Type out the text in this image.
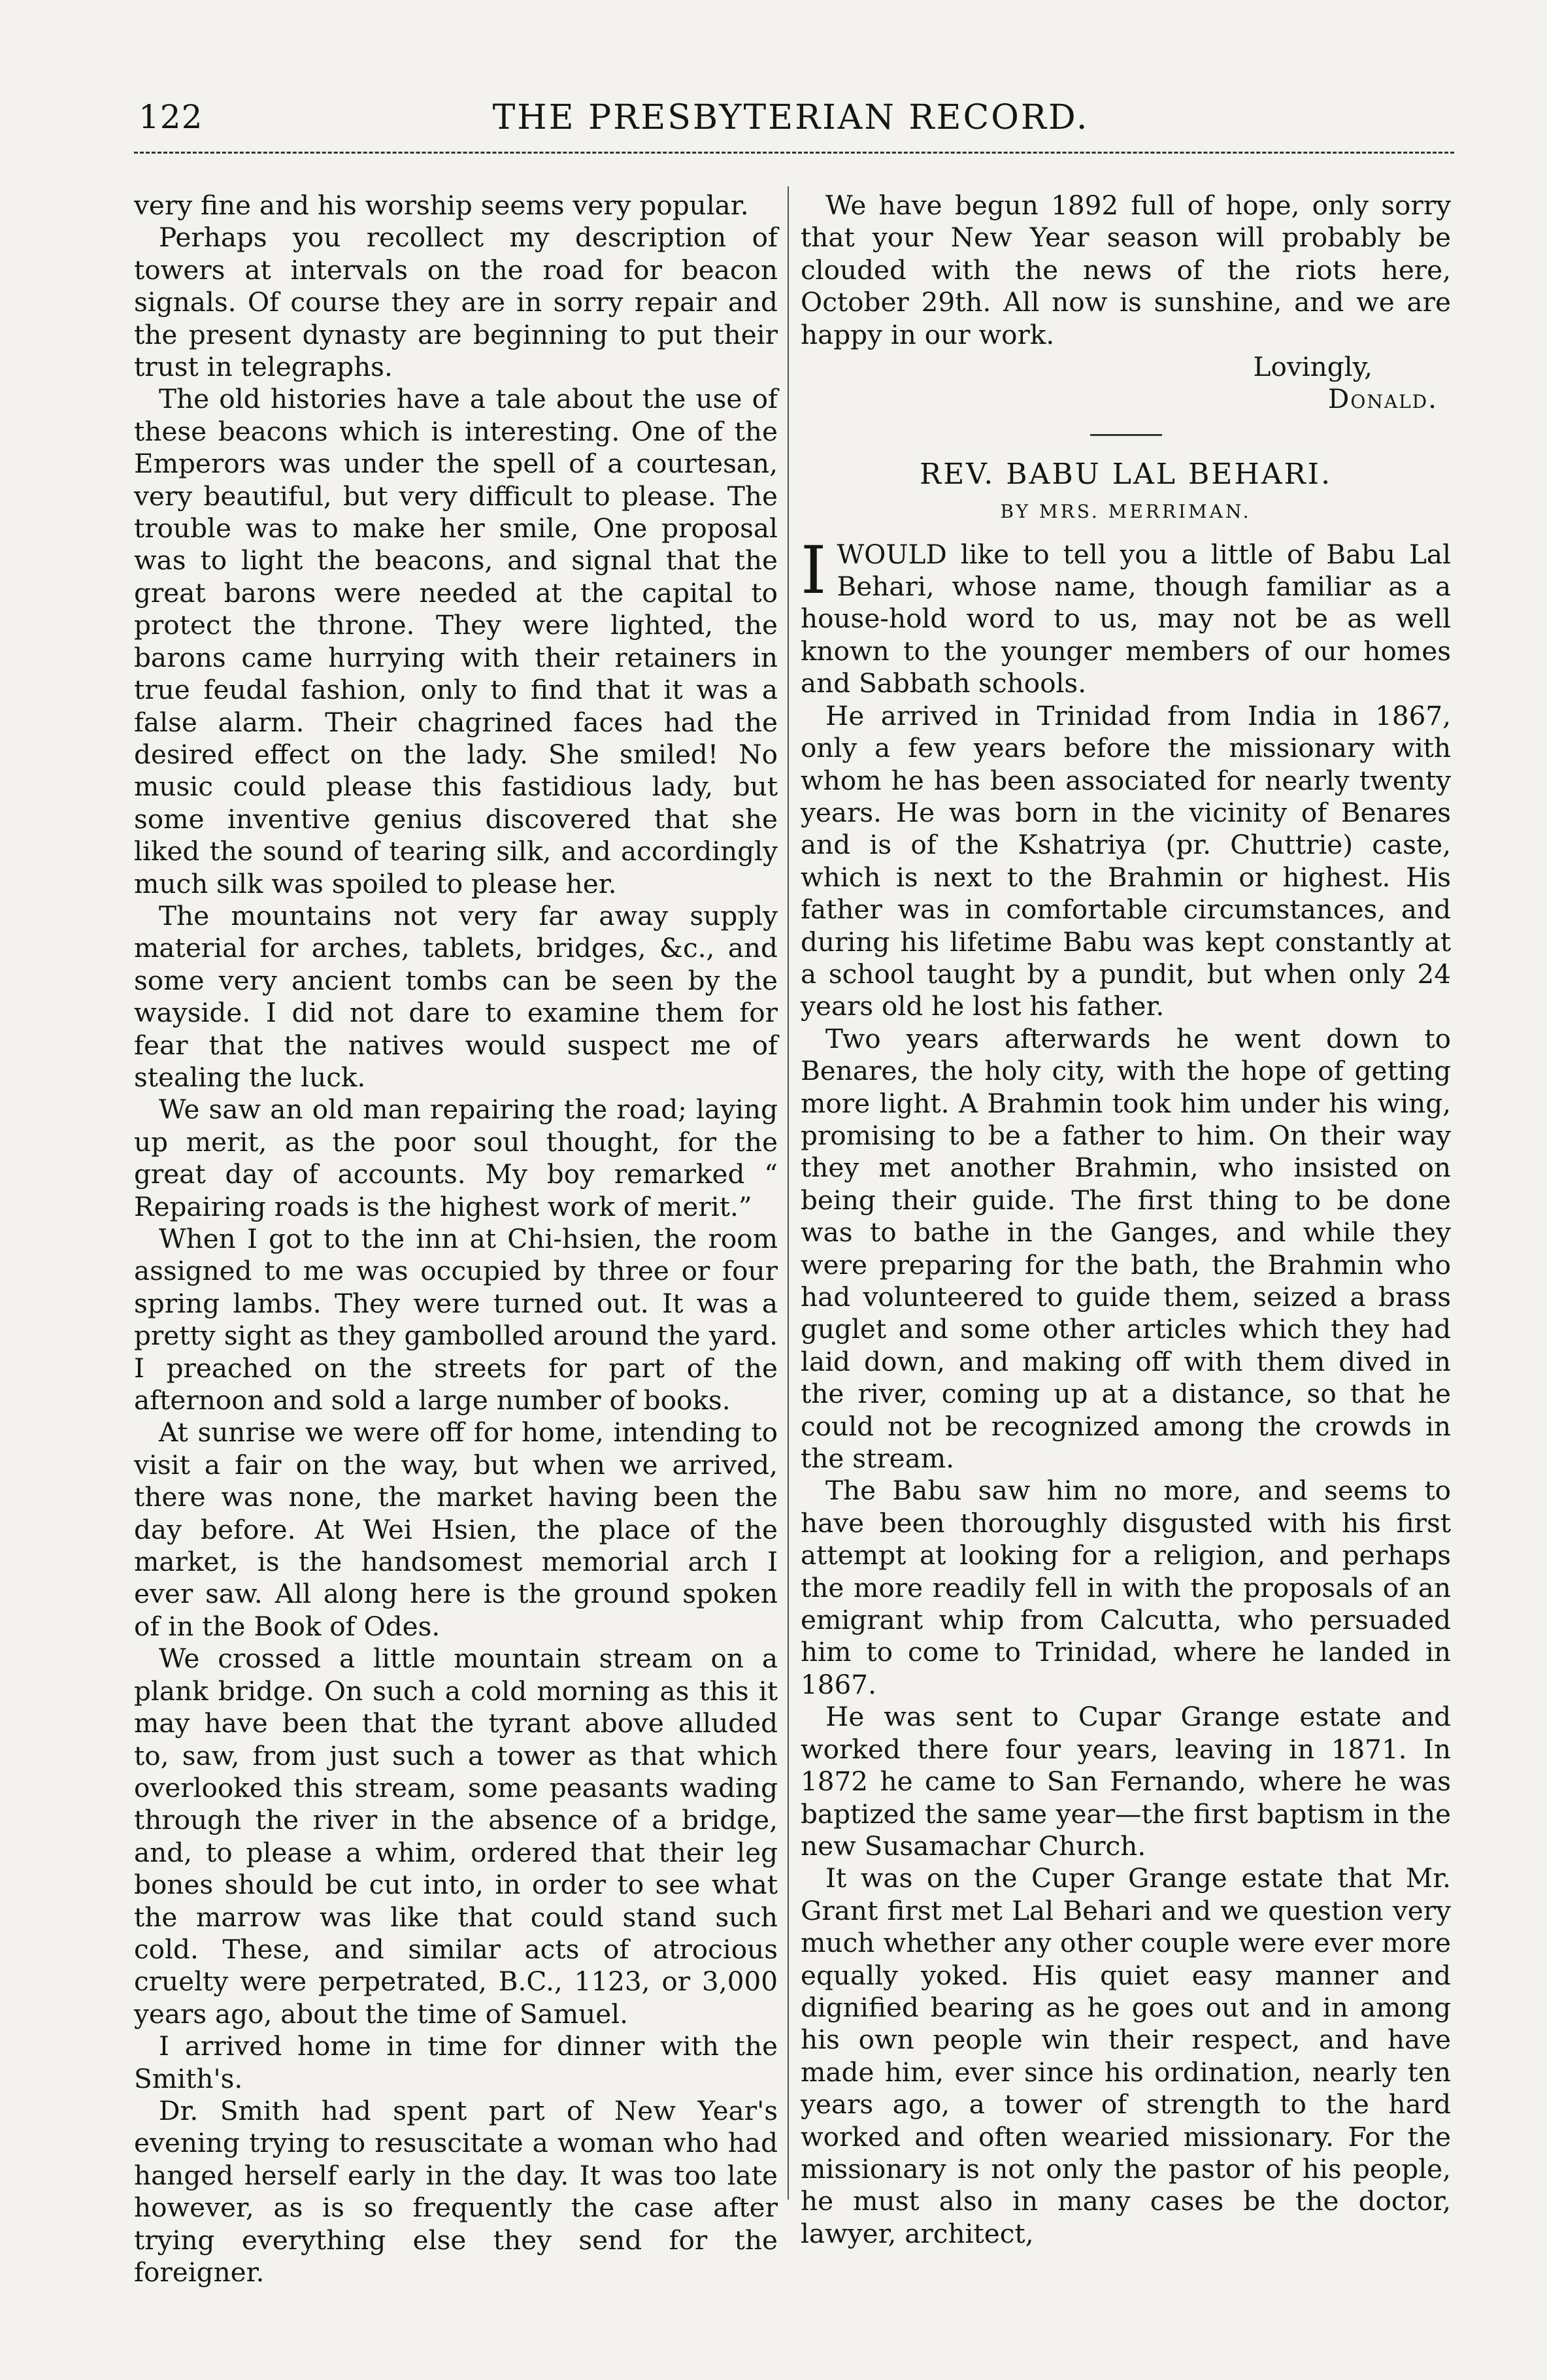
122	THE PRESBYTERIAN RECORD.

very fine and his worship seems very popular.

Perhaps you recollect my description of towers at intervals on the road for beacon signals. Of course they are in sorry repair and the present dynasty are beginning to put their trust in telegraphs.

The old histories have a tale about the use of these beacons which is interesting. One of the Emperors was under the spell of a courtesan, very beautiful, but very difficult to please. The trouble was to make her smile, One proposal was to light the beacons, and signal that the great barons were needed at the capital to protect the throne. They were lighted, the barons came hurrying with their retainers in true feudal fashion, only to find that it was a false alarm. Their chagrined faces had the desired effect on the lady. She smiled! No music could please this fastidious lady, but some inventive genius discovered that she liked the sound of tearing silk, and accordingly much silk was spoiled to please her.

The mountains not very far away supply material for arches, tablets, bridges, &c., and some very ancient tombs can be seen by the wayside. I did not dare to examine them for fear that the natives would suspect me of stealing the luck.

We saw an old man repairing the road; laying up merit, as the poor soul thought, for the great day of accounts. My boy remarked “ Repairing roads is the highest work of merit.”

When I got to the inn at Chi-hsien, the room assigned to me was occupied by three or four spring lambs. They were turned out. It was a pretty sight as they gambolled around the yard. I preached on the streets for part of the afternoon and sold a large number of books.

At sunrise we were off for home, intending to visit a fair on the way, but when we arrived, there was none, the market having been the day before. At Wei Hsien, the place of the market, is the handsomest memorial arch I ever saw. All along here is the ground spoken of in the Book of Odes.

We crossed a little mountain stream on a plank bridge. On such a cold morning as this it may have been that the tyrant above alluded to, saw, from just such a tower as that which overlooked this stream, some peasants wading through the river in the absence of a bridge, and, to please a whim, ordered that their leg bones should be cut into, in order to see what the marrow was like that could stand such cold. These, and similar acts of atrocious cruelty were perpetrated, B.C., 1123, or 3,000 years ago, about the time of Samuel.

I arrived home in time for dinner with the Smith's.

Dr. Smith had spent part of New Year's evening trying to resuscitate a woman who had hanged herself early in the day. It was too late however, as is so frequently the case after trying everything else they send for the foreigner.

We have begun 1892 full of hope, only sorry that your New Year season will probably be clouded with the news of the riots here, October 29th. All now is sunshine, and we are happy in our work.

Lovingly,
Donald.
REV. BABU LAL BEHARI.
BY MRS. MERRIMAN.

IWOULD like to tell you a little of Babu Lal Behari, whose name, though familiar as a house-hold word to us, may not be as well known to the younger members of our homes and Sabbath schools.

He arrived in Trinidad from India in 1867, only a few years before the missionary with whom he has been associated for nearly twenty years. He was born in the vicinity of Benares and is of the Kshatriya (pr. Chuttrie) caste, which is next to the Brahmin or highest. His father was in comfortable circumstances, and during his lifetime Babu was kept constantly at a school taught by a pundit, but when only 24 years old he lost his father.

Two years afterwards he went down to Benares, the holy city, with the hope of getting more light. A Brahmin took him under his wing, promising to be a father to him. On their way they met another Brahmin, who insisted on being their guide. The first thing to be done was to bathe in the Ganges, and while they were preparing for the bath, the Brahmin who had volunteered to guide them, seized a brass guglet and some other articles which they had laid down, and making off with them dived in the river, coming up at a distance, so that he could not be recognized among the crowds in the stream.

The Babu saw him no more, and seems to have been thoroughly disgusted with his first attempt at looking for a religion, and perhaps the more readily fell in with the proposals of an emigrant whip from Calcutta, who persuaded him to come to Trinidad, where he landed in 1867.

He was sent to Cupar Grange estate and worked there four years, leaving in 1871. In 1872 he came to San Fernando, where he was baptized the same year—the first baptism in the new Susamachar Church.

It was on the Cuper Grange estate that Mr. Grant first met Lal Behari and we question very much whether any other couple were ever more equally yoked. His quiet easy manner and dignified bearing as he goes out and in among his own people win their respect, and have made him, ever since his ordination, nearly ten years ago, a tower of strength to the hard worked and often wearied missionary. For the missionary is not only the pastor of his people, he must also in many cases be the doctor, lawyer, architect,
